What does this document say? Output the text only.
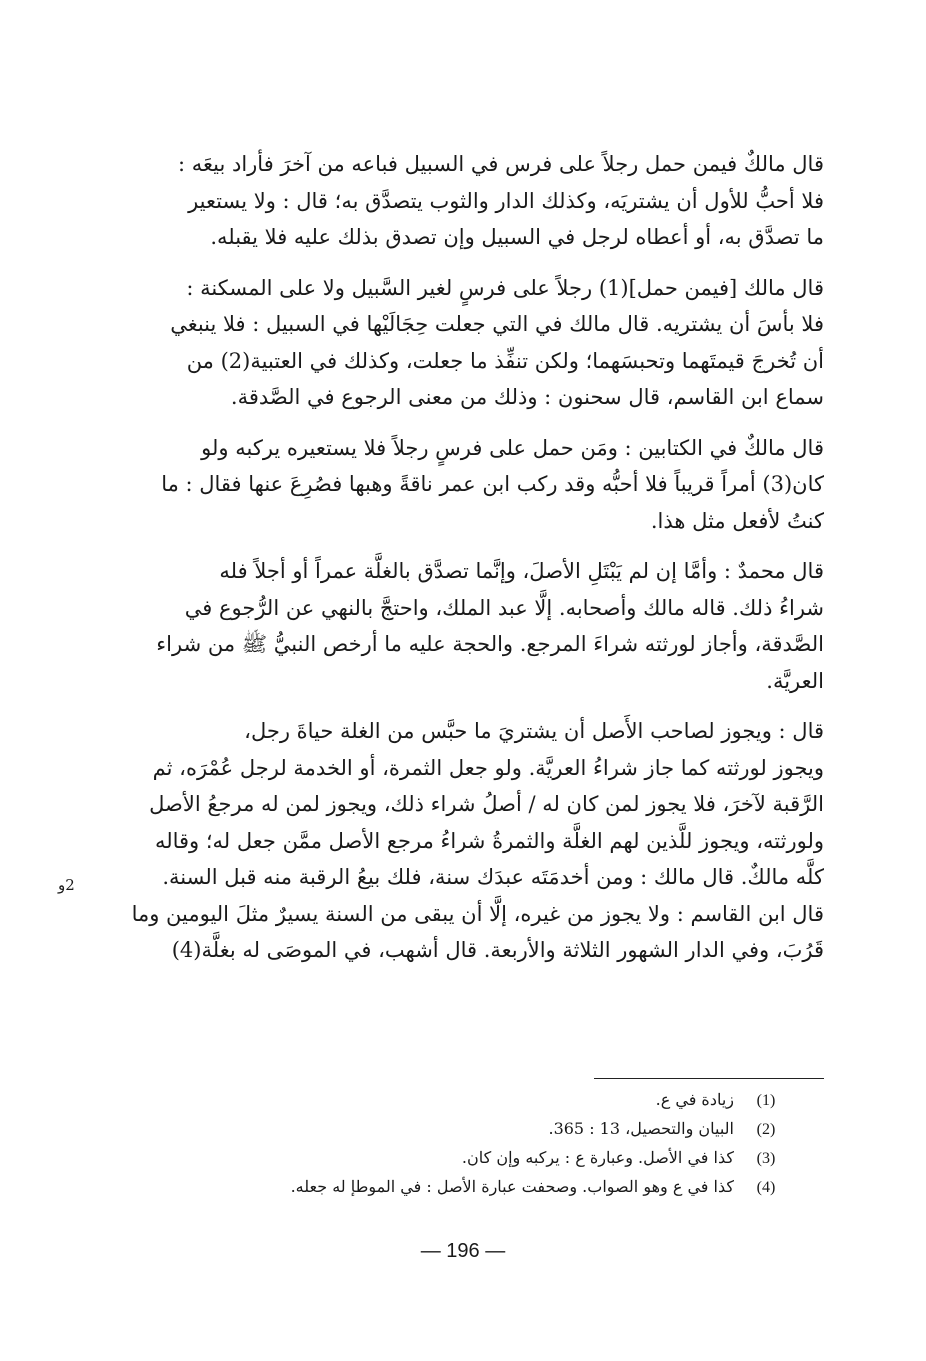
قال مالكٌ فيمن حمل رجلاً على فرس في السبيل فباعه من آخرَ فأراد بيعَه :
فلا أحبُّ للأول أن يشتريَه، وكذلك الدار والثوب يتصدَّق به؛ قال : ولا يستعير
ما تصدَّق به، أو أعطاه لرجل في السبيل وإن تصدق بذلك عليه فلا يقبله.

قال مالك [فيمن حمل](1) رجلاً على فرسٍ لغير السَّبيل ولا على المسكنة :
فلا بأسَ أن يشتريه. قال مالك في التي جعلت حِجَالَيْها في السبيل : فلا ينبغي
أن تُخرجَ قيمتَهما وتحبسَهما؛ ولكن تنفِّذ ما جعلت، وكذلك في العتبية(2) من
سماع ابن القاسم، قال سحنون : وذلك من معنى الرجوع في الصَّدقة.

قال مالكٌ في الكتابين : ومَن حمل على فرسٍ رجلاً فلا يستعيره يركبه ولو
كان(3) أمراً قريباً فلا أحبُّه وقد ركب ابن عمر ناقةً وهبها فصُرِعَ عنها فقال : ما
كنتُ لأفعل مثل هذا.

قال محمدٌ : وأمَّا إن لم يَبْتَلِ الأصلَ، وإنَّما تصدَّق بالغلَّة عمراً أو أجلاً فله
شراءُ ذلك. قاله مالك وأصحابه. إلَّا عبد الملك، واحتجَّ بالنهي عن الرُّجوع في
الصَّدقة، وأجاز لورثته شراءَ المرجع. والحجة عليه ما أرخص النبيُّ ﷺ من شراء
العريَّة.

قال : ويجوز لصاحب الأَصل أن يشتريَ ما حبَّس من الغلة حياةَ رجل،
ويجوز لورثته كما جاز شراءُ العريَّة. ولو جعل الثمرة، أو الخدمة لرجل عُمْرَه، ثم
الرَّقبة لآخرَ، فلا يجوز لمن كان له / أصلُ شراء ذلك، ويجوز لمن له مرجعُ الأصل
ولورثته، ويجوز للَّذين لهم الغلَّة والثمرةُ شراءُ مرجع الأصل ممَّن جعل له؛ وقاله
كلَّه مالكٌ. قال مالك : ومن أخدمَتَه عبدَك سنة، فلك بيعُ الرقبة منه قبل السنة.
قال ابن القاسم : ولا يجوز من غيره، إلَّا أن يبقى من السنة يسيرٌ مثلَ اليومين وما
قَرُبَ، وفي الدار الشهور الثلاثة والأربعة. قال أشهب، في الموصَى له بغلَّة(4)

2و
(1)
زيادة في ع.
(2)
البيان والتحصيل، 13 : 365.
(3)
كذا في الأصل. وعبارة ع : يركبه وإن كان.
(4)
كذا في ع وهو الصواب. وصحفت عبارة الأصل : في الموطإ له جعله.
— 196 —
